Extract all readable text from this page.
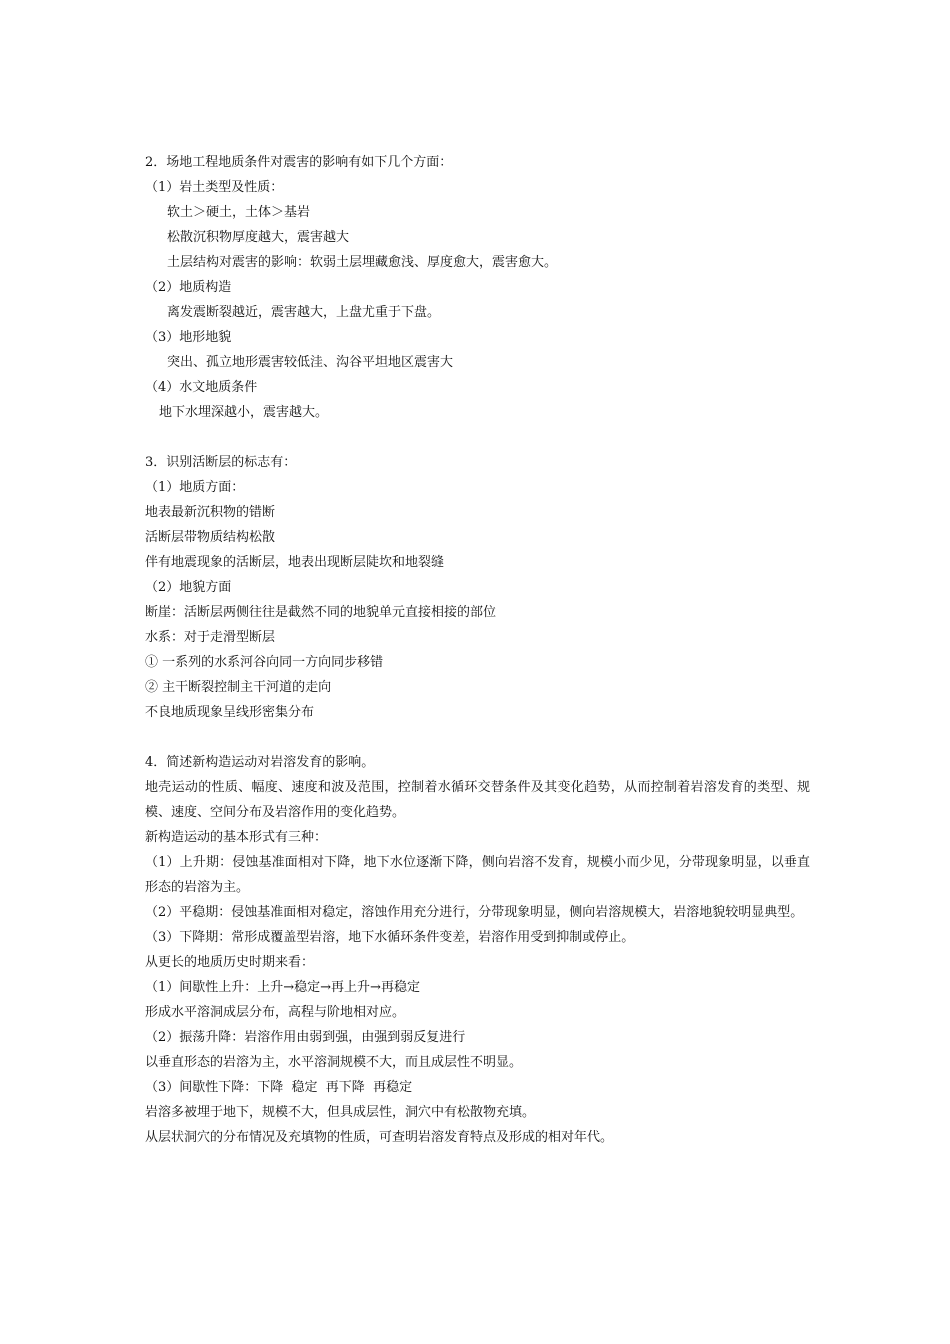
2．场地工程地质条件对震害的影响有如下几个方面：
（1）岩土类型及性质：
软土＞硬土，土体＞基岩
松散沉积物厚度越大，震害越大
土层结构对震害的影响：软弱土层埋藏愈浅、厚度愈大，震害愈大。
（2）地质构造
离发震断裂越近，震害越大，上盘尤重于下盘。
（3）地形地貌
突出、孤立地形震害较低洼、沟谷平坦地区震害大
（4）水文地质条件
地下水埋深越小，震害越大。
3．识别活断层的标志有：
（1）地质方面：
地表最新沉积物的错断
活断层带物质结构松散
伴有地震现象的活断层，地表出现断层陡坎和地裂缝
（2）地貌方面
断崖：活断层两侧往往是截然不同的地貌单元直接相接的部位
水系：对于走滑型断层
① 一系列的水系河谷向同一方向同步移错
② 主干断裂控制主干河道的走向
不良地质现象呈线形密集分布
4．简述新构造运动对岩溶发育的影响。
地壳运动的性质、幅度、速度和波及范围，控制着水循环交替条件及其变化趋势，从而控制着岩溶发育的类型、规模、速度、空间分布及岩溶作用的变化趋势。
新构造运动的基本形式有三种：
（1）上升期：侵蚀基准面相对下降，地下水位逐渐下降，侧向岩溶不发育，规模小而少见，分带现象明显，以垂直形态的岩溶为主。
（2）平稳期：侵蚀基准面相对稳定，溶蚀作用充分进行，分带现象明显，侧向岩溶规模大，岩溶地貌较明显典型。
（3）下降期：常形成覆盖型岩溶，地下水循环条件变差，岩溶作用受到抑制或停止。
从更长的地质历史时期来看：
（1）间歇性上升：上升→稳定→再上升→再稳定
形成水平溶洞成层分布，高程与阶地相对应。
（2）振荡升降：岩溶作用由弱到强，由强到弱反复进行
以垂直形态的岩溶为主，水平溶洞规模不大，而且成层性不明显。
（3）间歇性下降：下降  稳定  再下降  再稳定
岩溶多被埋于地下，规模不大，但具成层性，洞穴中有松散物充填。
从层状洞穴的分布情况及充填物的性质，可查明岩溶发育特点及形成的相对年代。
